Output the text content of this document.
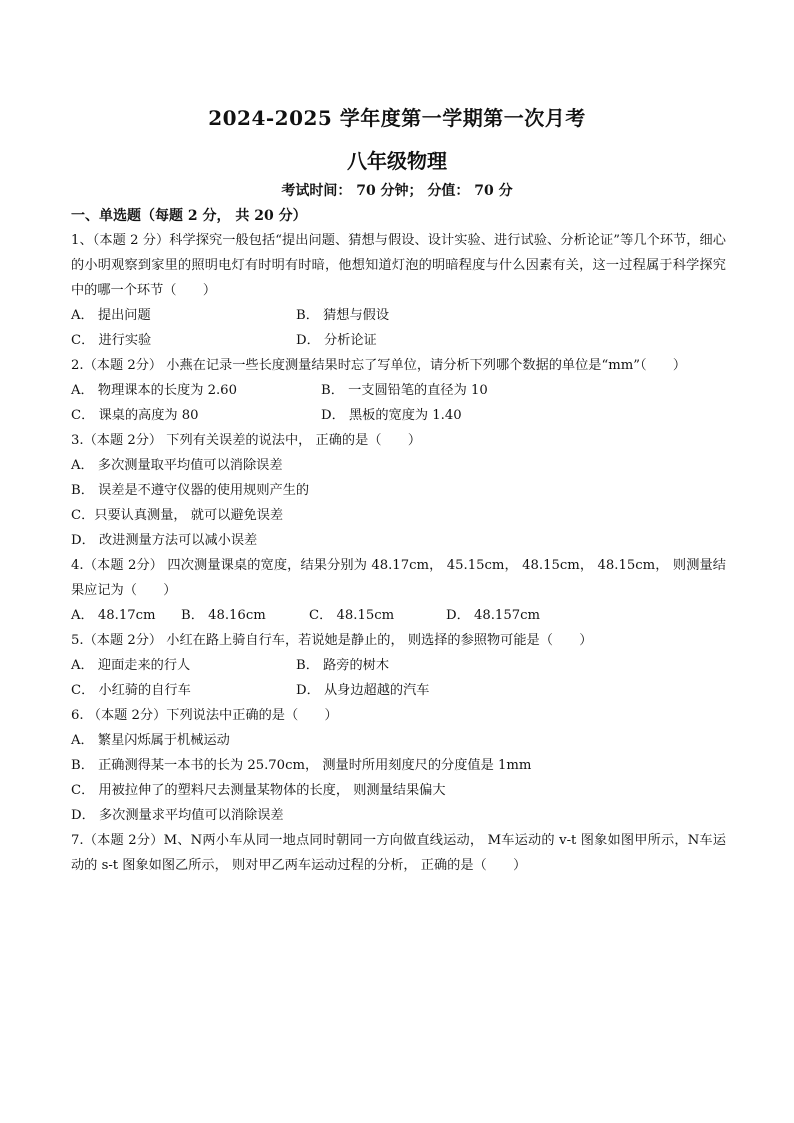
2024-2025 学年度第一学期第一次月考
八年级物理
考试时间： 70 分钟； 分值： 70 分
一、单选题（每题 2 分， 共 20 分）
1、（本题 2 分）科学探究一般包括“提出问题、猜想与假设、设计实验、进行试验、分析论证”等几个环节，细心的小明观察到家里的照明电灯有时明有时暗，他想知道灯泡的明暗程度与什么因素有关，这一过程属于科学探究中的哪一个环节（　　）
A． 提出问题	B． 猜想与假设
C． 进行实验	D． 分析论证
2.（本题 2分） 小燕在记录一些长度测量结果时忘了写单位，请分析下列哪个数据的单位是“mm”（　　）
A． 物理课本的长度为 2.60	B． 一支圆铅笔的直径为 10
C． 课桌的高度为 80	D． 黑板的宽度为 1.40
3.（本题 2分） 下列有关误差的说法中， 正确的是（　　）
A． 多次测量取平均值可以消除误差
B． 误差是不遵守仪器的使用规则产生的
C．只要认真测量， 就可以避免误差
D． 改进测量方法可以减小误差
4.（本题 2分） 四次测量课桌的宽度，结果分别为 48.17cm， 45.15cm， 48.15cm， 48.15cm， 则测量结果应记为（　　）
A． 48.17cm	B． 48.16cm	C． 48.15cm	D． 48.157cm
5.（本题 2分） 小红在路上骑自行车，若说她是静止的， 则选择的参照物可能是（　　）
A． 迎面走来的行人	B． 路旁的树木
C． 小红骑的自行车	D． 从身边超越的汽车
6. （本题 2分）下列说法中正确的是（　　）
A． 繁星闪烁属于机械运动
B． 正确测得某一本书的长为 25.70cm， 测量时所用刻度尺的分度值是 1mm
C． 用被拉伸了的塑料尺去测量某物体的长度， 则测量结果偏大
D． 多次测量求平均值可以消除误差
7.（本题 2分）M、N两小车从同一地点同时朝同一方向做直线运动， M车运动的 v-t 图象如图甲所示，N车运动的 s-t 图象如图乙所示， 则对甲乙两车运动过程的分析， 正确的是（　　）
